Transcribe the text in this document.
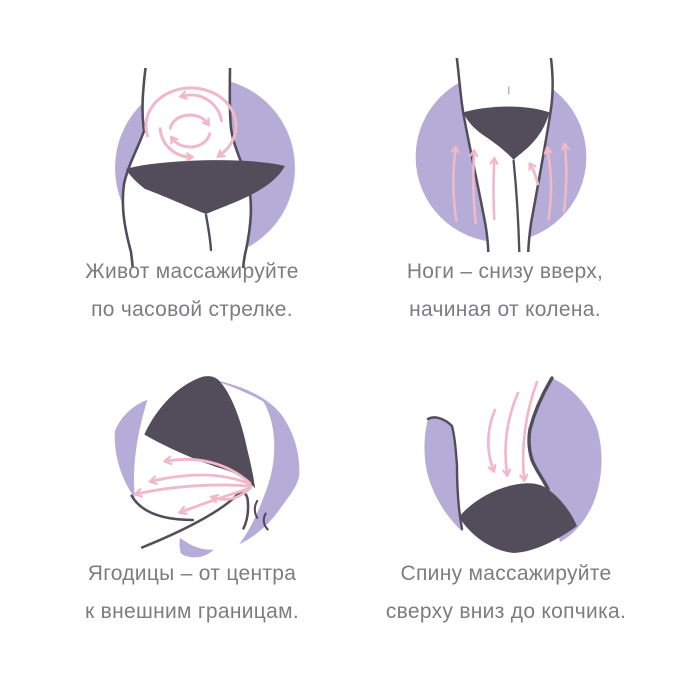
Живот массажируйте
по часовой стрелке.
Ноги – снизу вверх,
начиная от колена.
Ягодицы – от центра
к внешним границам.
Спину массажируйте
сверху вниз до копчика.
